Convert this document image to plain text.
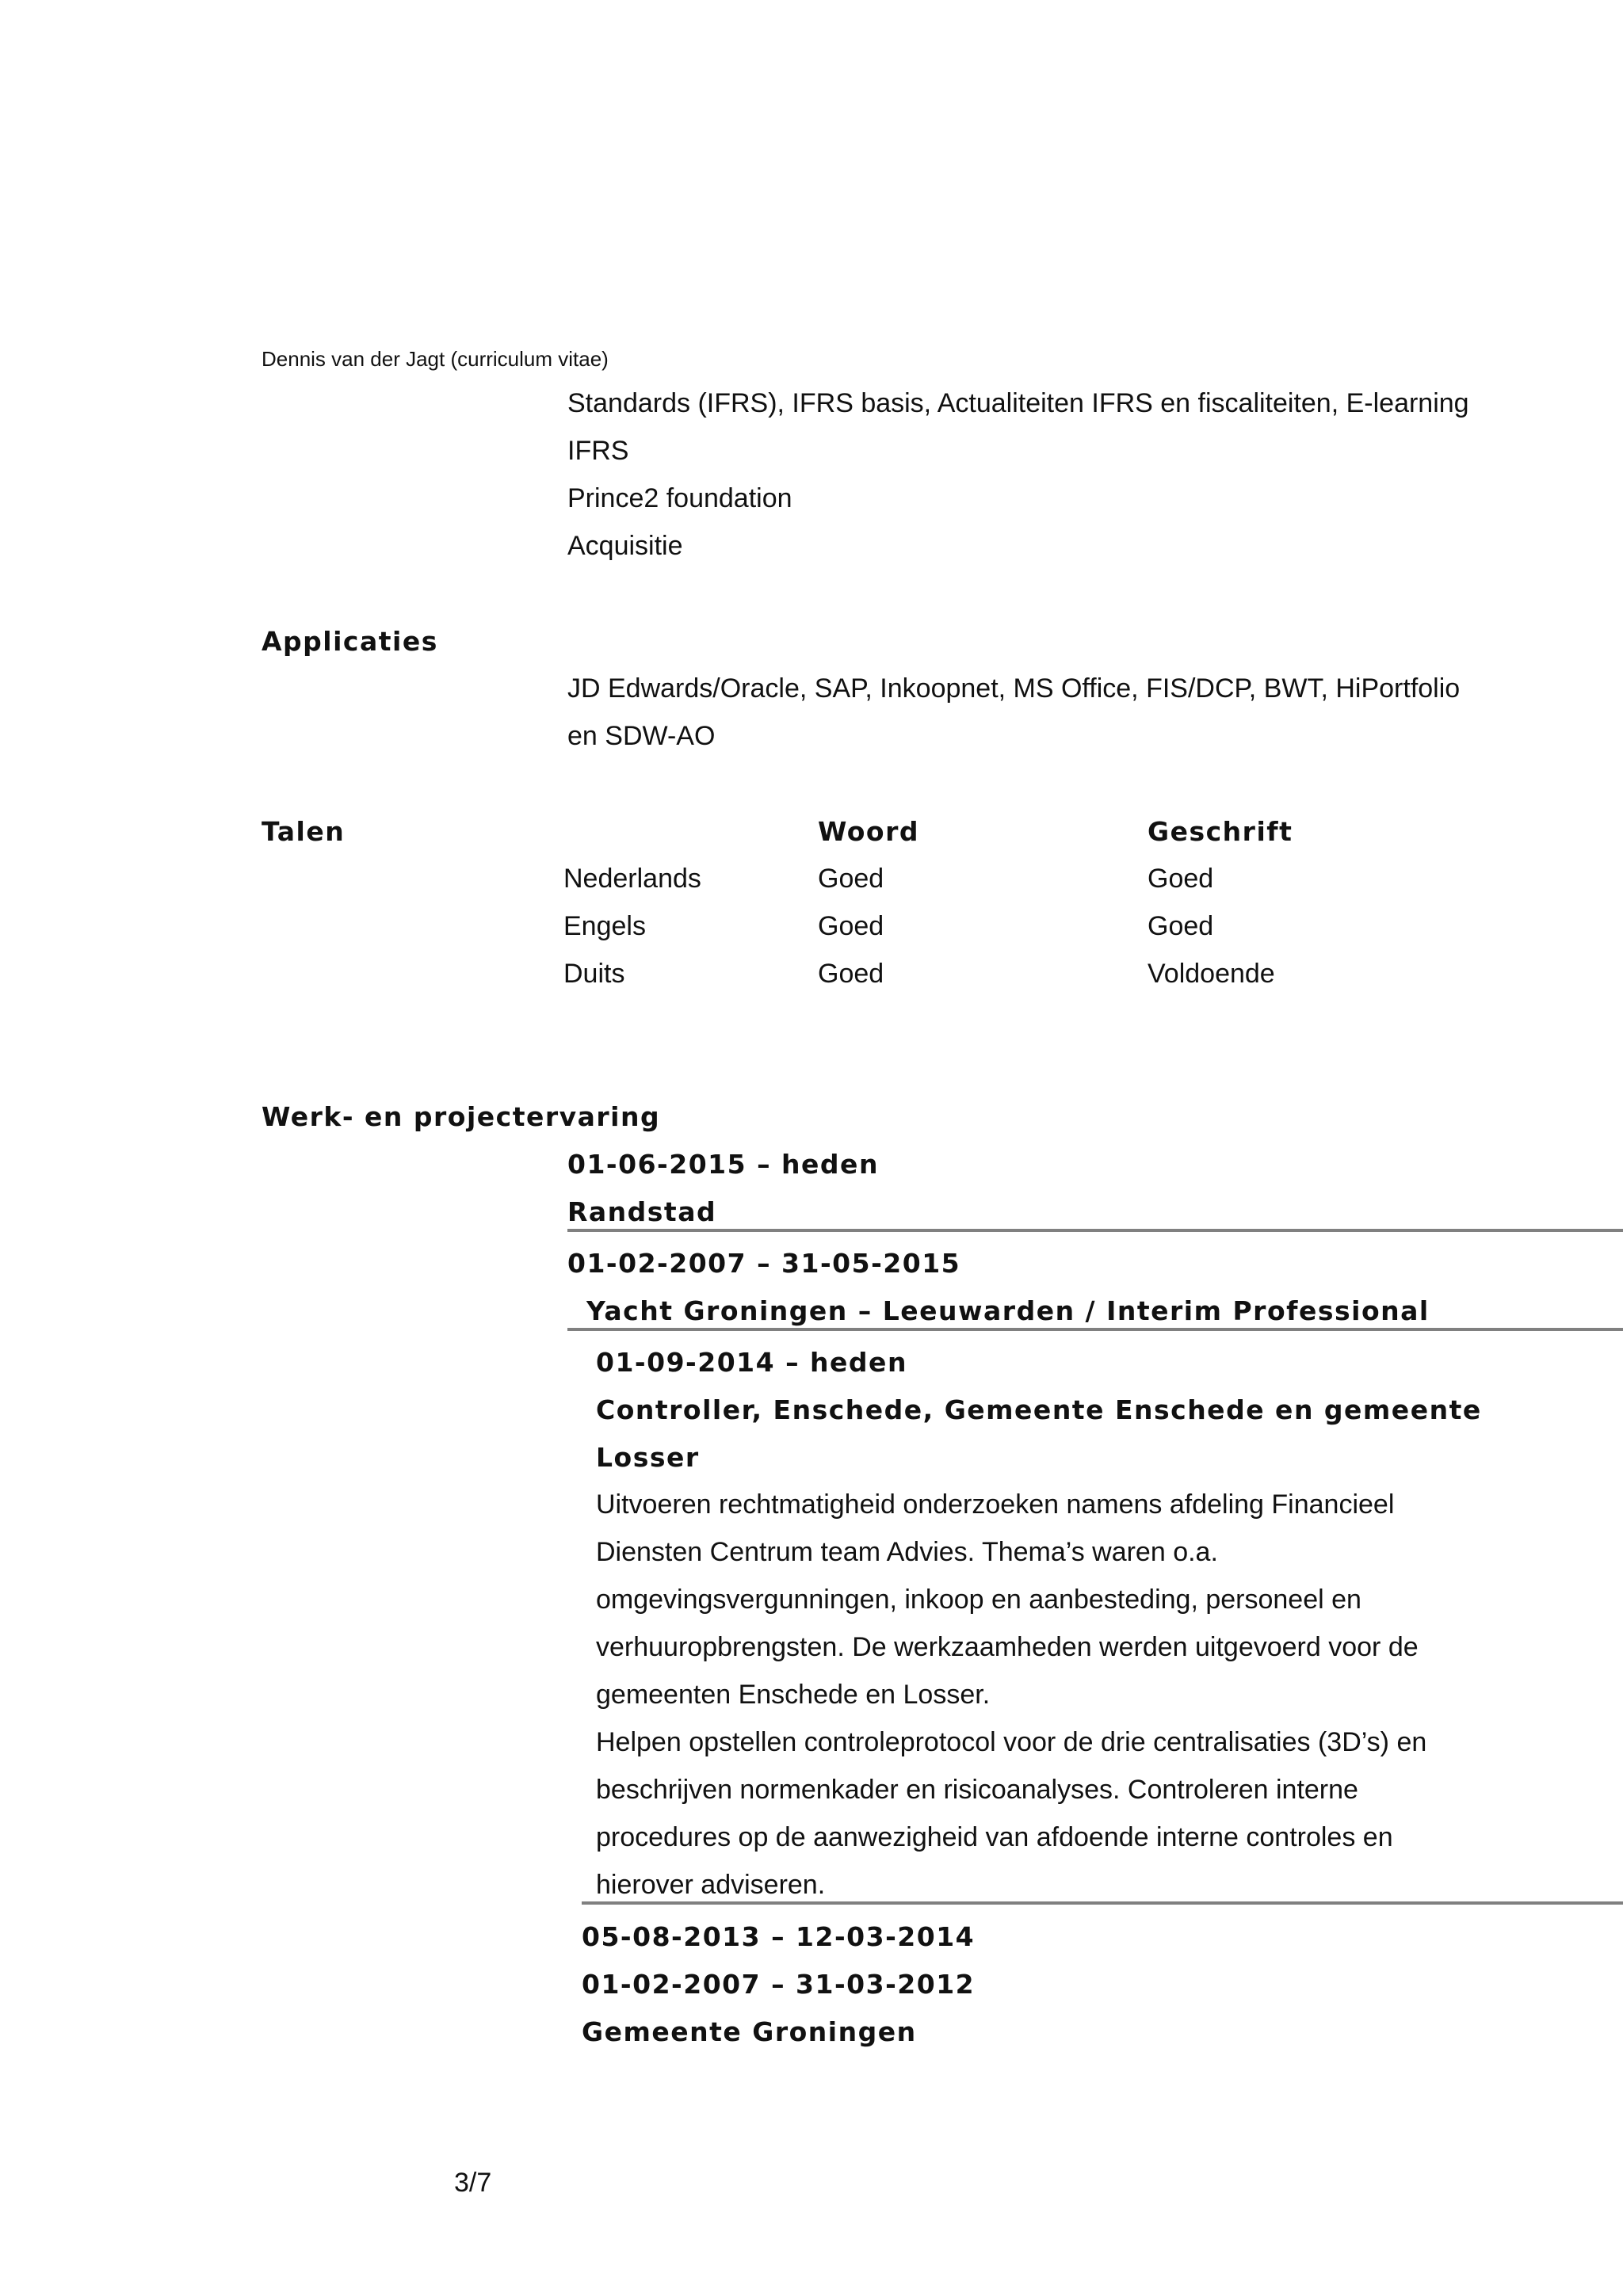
Dennis van der Jagt (curriculum vitae)
Standards (IFRS), IFRS basis, Actualiteiten IFRS en fiscaliteiten, E-learning
IFRS
Prince2 foundation
Acquisitie
Applicaties
JD Edwards/Oracle, SAP, Inkoopnet, MS Office, FIS/DCP, BWT, HiPortfolio
en SDW-AO
Talen	Woord	Geschrift
Nederlands	Goed	Goed
Engels	Goed	Goed
Duits	Goed	Voldoende
Werk- en projectervaring
01-06-2015 – heden
Randstad
01-02-2007 – 31-05-2015
Yacht Groningen – Leeuwarden / Interim Professional
01-09-2014 – heden
Controller, Enschede, Gemeente Enschede en gemeente
Losser
Uitvoeren rechtmatigheid onderzoeken namens afdeling Financieel
Diensten Centrum team Advies. Thema’s waren o.a.
omgevingsvergunningen, inkoop en aanbesteding, personeel en
verhuuropbrengsten. De werkzaamheden werden uitgevoerd voor de
gemeenten Enschede en Losser.
Helpen opstellen controleprotocol voor de drie centralisaties (3D’s) en
beschrijven normenkader en risicoanalyses. Controleren interne
procedures op de aanwezigheid van afdoende interne controles en
hierover adviseren.
05-08-2013 – 12-03-2014
01-02-2007 – 31-03-2012
Gemeente Groningen
3/7
